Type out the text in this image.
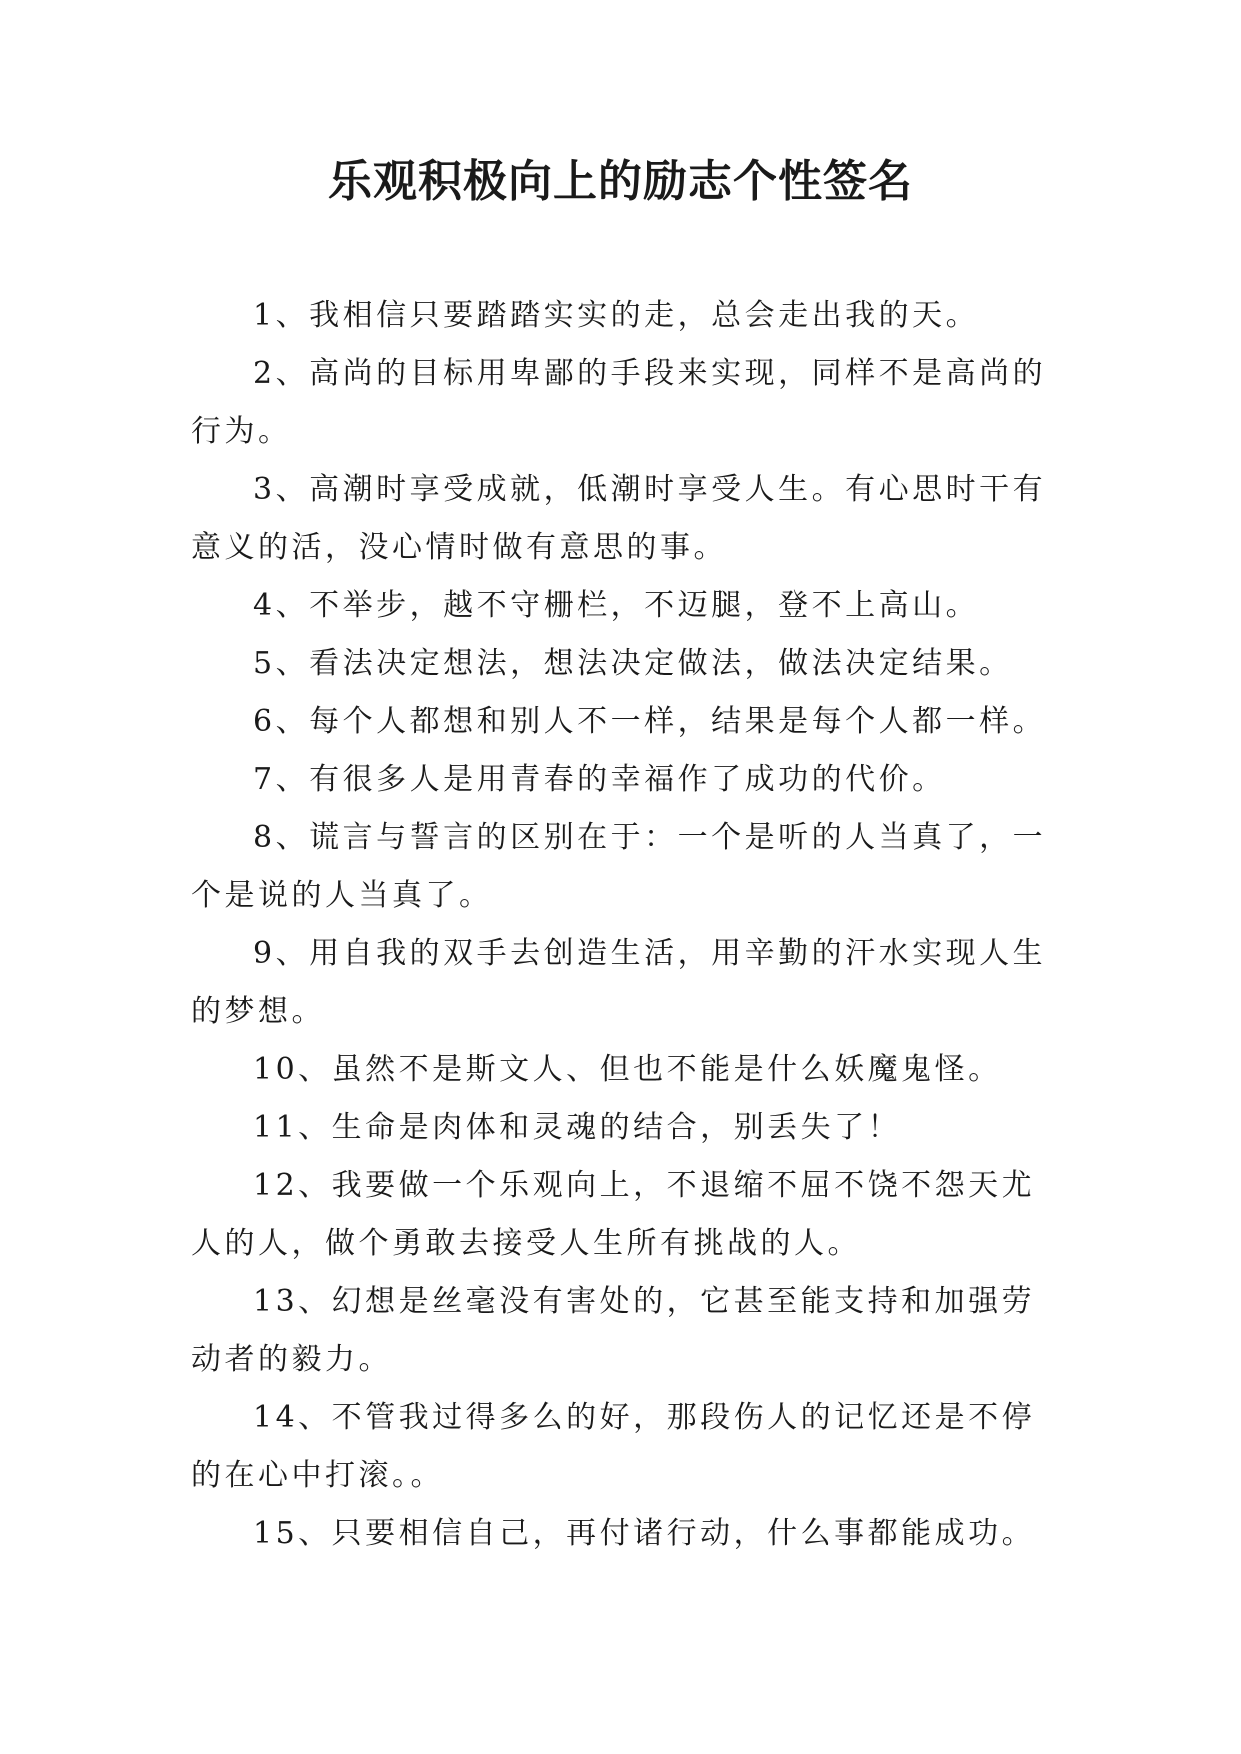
乐观积极向上的励志个性签名

1、我相信只要踏踏实实的走，总会走出我的天。

2、高尚的目标用卑鄙的手段来实现，同样不是高尚的行为。

3、高潮时享受成就，低潮时享受人生。有心思时干有意义的活，没心情时做有意思的事。

4、不举步，越不守栅栏，不迈腿，登不上高山。

5、看法决定想法，想法决定做法，做法决定结果。

6、每个人都想和别人不一样，结果是每个人都一样。

7、有很多人是用青春的幸福作了成功的代价。

8、谎言与誓言的区别在于：一个是听的人当真了，一个是说的人当真了。

9、用自我的双手去创造生活，用辛勤的汗水实现人生的梦想。

10、虽然不是斯文人、但也不能是什么妖魔鬼怪。

11、生命是肉体和灵魂的结合，别丢失了！

12、我要做一个乐观向上，不退缩不屈不饶不怨天尤人的人，做个勇敢去接受人生所有挑战的人。

13、幻想是丝毫没有害处的，它甚至能支持和加强劳动者的毅力。

14、不管我过得多么的好，那段伤人的记忆还是不停的在心中打滚。。

15、只要相信自己，再付诸行动，什么事都能成功。
